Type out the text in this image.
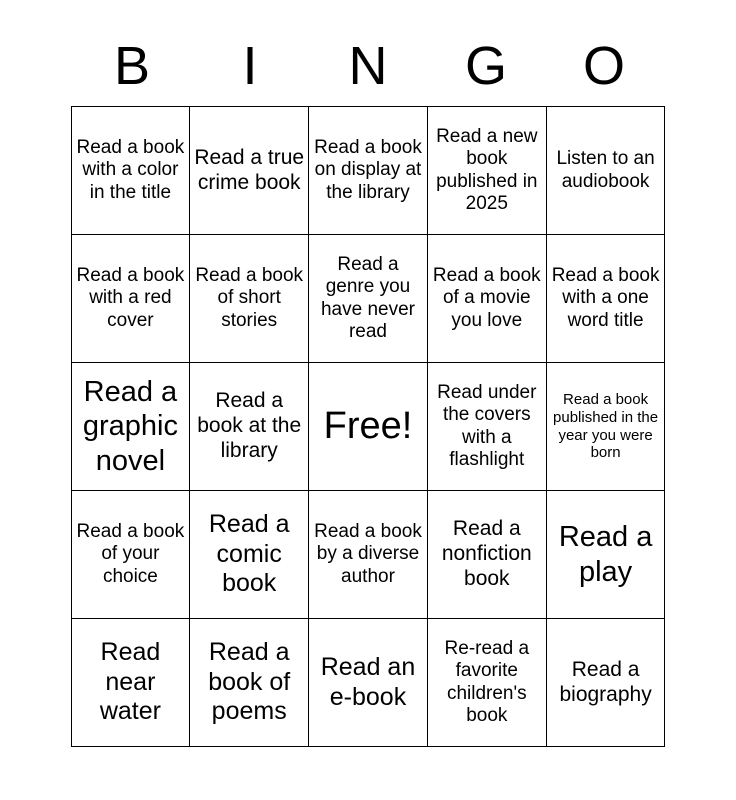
B	I	N	G	O
Read a book with a color in the title	Read a true crime book	Read a book on display at the library	Read a new book published in 2025	Listen to an audiobook
Read a book with a red cover	Read a book of short stories	Read a genre you have never read	Read a book of a movie you love	Read a book with a one word title
Read a graphic novel	Read a book at the library	Free!	Read under the covers with a flashlight	Read a book published in the year you were born
Read a book of your choice	Read a comic book	Read a book by a diverse author	Read a nonfiction book	Read a play
Read near water	Read a book of poems	Read an e-book	Re-read a favorite children's book	Read a biography
